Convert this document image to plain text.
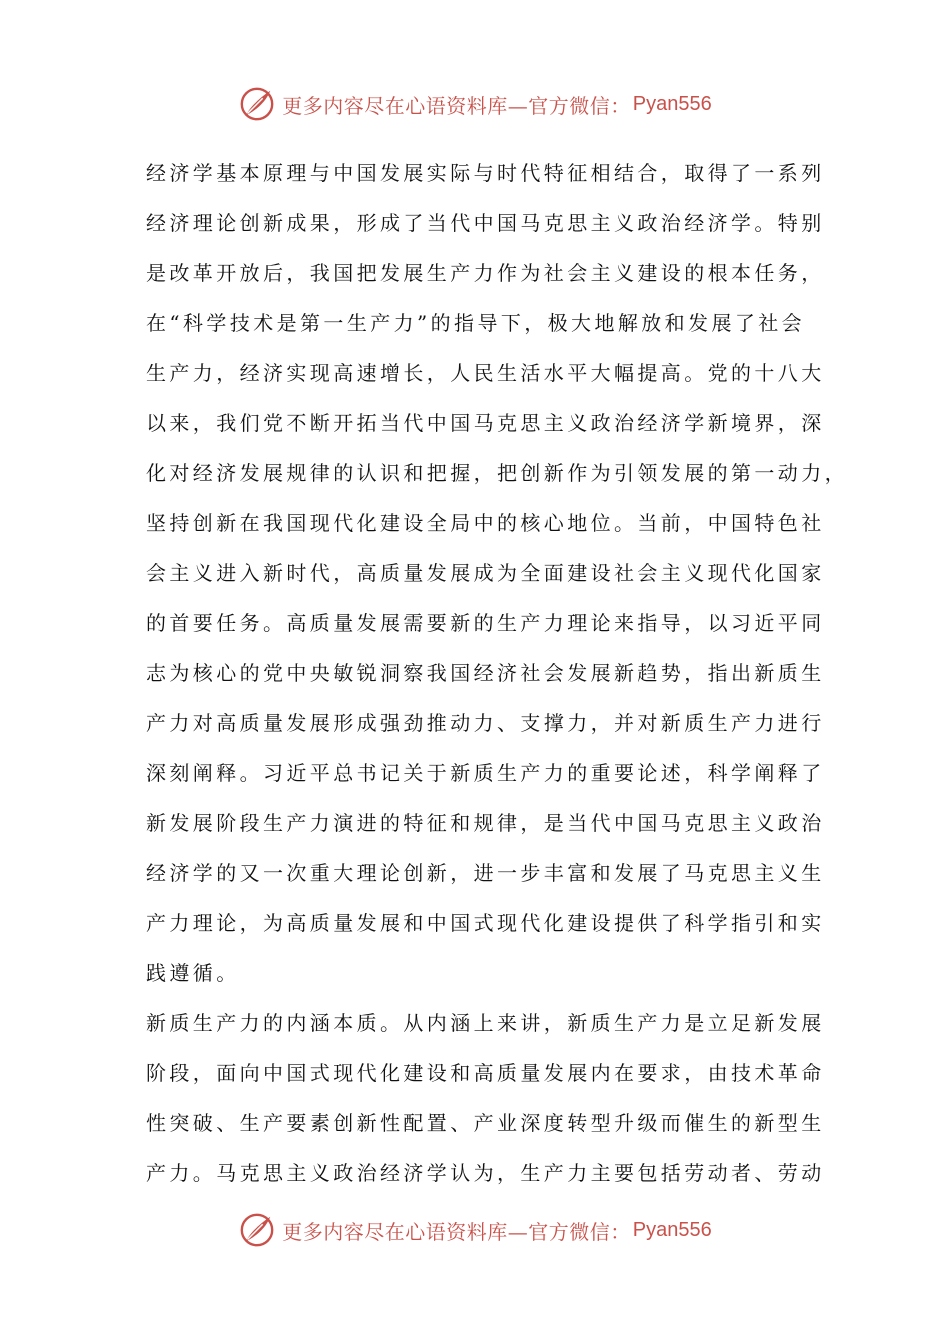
更多内容尽在心语资料库—官方微信： Pyan556
经济学基本原理与中国发展实际与时代特征相结合，取得了一系列
经济理论创新成果，形成了当代中国马克思主义政治经济学。特别
是改革开放后，我国把发展生产力作为社会主义建设的根本任务，
在“科学技术是第一生产力”的指导下，极大地解放和发展了社会
生产力，经济实现高速增长，人民生活水平大幅提高。党的十八大
以来，我们党不断开拓当代中国马克思主义政治经济学新境界，深
化对经济发展规律的认识和把握，把创新作为引领发展的第一动力，
坚持创新在我国现代化建设全局中的核心地位。当前，中国特色社
会主义进入新时代，高质量发展成为全面建设社会主义现代化国家
的首要任务。高质量发展需要新的生产力理论来指导，以习近平同
志为核心的党中央敏锐洞察我国经济社会发展新趋势，指出新质生
产力对高质量发展形成强劲推动力、支撑力，并对新质生产力进行
深刻阐释。习近平总书记关于新质生产力的重要论述，科学阐释了
新发展阶段生产力演进的特征和规律，是当代中国马克思主义政治
经济学的又一次重大理论创新，进一步丰富和发展了马克思主义生
产力理论，为高质量发展和中国式现代化建设提供了科学指引和实
践遵循。
新质生产力的内涵本质。从内涵上来讲，新质生产力是立足新发展
阶段，面向中国式现代化建设和高质量发展内在要求，由技术革命
性突破、生产要素创新性配置、产业深度转型升级而催生的新型生
产力。马克思主义政治经济学认为，生产力主要包括劳动者、劳动
更多内容尽在心语资料库—官方微信： Pyan556
